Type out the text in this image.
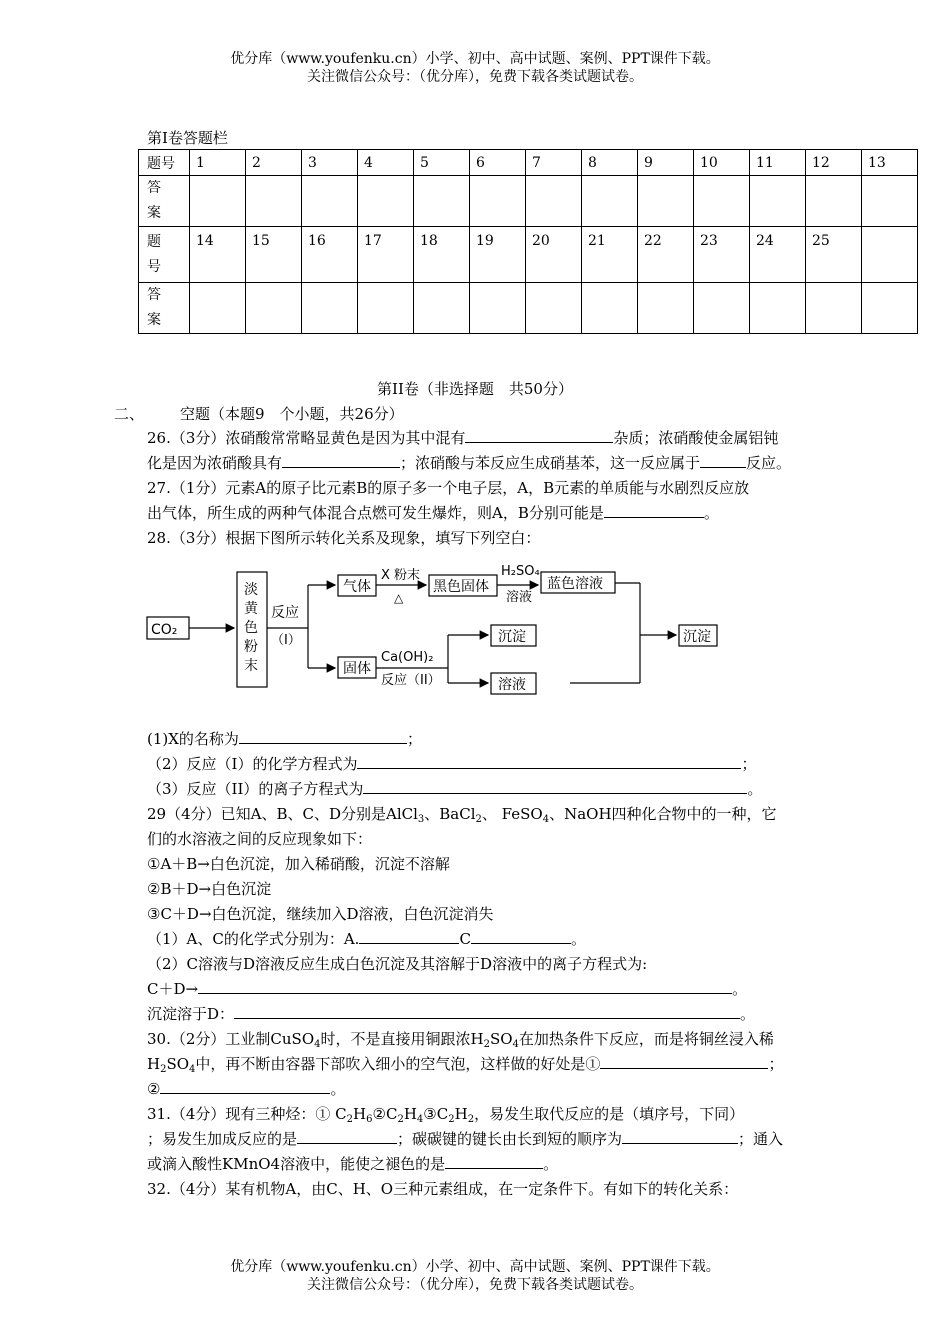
优分库（www.youfenku.cn）小学、初中、高中试题、案例、PPT课件下载。
关注微信公众号：（优分库），免费下载各类试题试卷。
第I卷答题栏
题号	1	2	3	4	5	6	7	8	9	10	11	12	13

答
案													

题
号	14	15	16	17	18	19	20	21	22	23	24	25	

答
案													

第II卷（非选择题　共50分）
二、 空题（本题9　个小题，共26分）
26.（3分）浓硝酸常常略显黄色是因为其中混有	杂质；浓硝酸使金属铝钝
化是因为浓硝酸具有	；浓硝酸与苯反应生成硝基苯，这一反应属于	反应。
27.（1分）元素A的原子比元素B的原子多一个电子层，A，B元素的单质能与水剧烈反应放
出气体，所生成的两种气体混合点燃可发生爆炸，则A，B分别可能是	。
28.（3分）根据下图所示转化关系及现象，填写下列空白：
CO₂
淡
黄
色
粉
末
反应
（I）
气体
X 粉末
△
黑色固体
H₂SO₄
溶液
蓝色溶液
沉淀
固体
Ca(OH)₂
反应（II）
沉淀
溶液
(1)X的名称为	；
（2）反应（I）的化学方程式为	；
（3）反应（II）的离子方程式为	。
29（4分）已知A、B、C、D分别是AlCl$_3$、BaCl$_2$、 FeSO$_4$、NaOH四种化合物中的一种，它
们的水溶液之间的反应现象如下：
①A＋B→白色沉淀，加入稀硝酸，沉淀不溶解
②B＋D→白色沉淀
③C＋D→白色沉淀，继续加入D溶液，白色沉淀消失
（1）A、C的化学式分别为：A.	C	。
（2）C溶液与D溶液反应生成白色沉淀及其溶解于D溶液中的离子方程式为:
C＋D→	。
沉淀溶于D：	。
30.（2分）工业制CuSO$_4$时，不是直接用铜跟浓$H_2SO_4$在加热条件下反应，而是将铜丝浸入稀
$H_2SO_4$中，再不断由容器下部吹入细小的空气泡，这样做的好处是①	；
②	。
31.（4分）现有三种烃：① $C_2H_6②C_2H_4③C_2H_2$，易发生取代反应的是（填序号，下同）
；易发生加成反应的是	；碳碳键的键长由长到短的顺序为	；通入
或滴入酸性KMnO4溶液中，能使之褪色的是	。
32.（4分）某有机物A，由C、H、O三种元素组成，在一定条件下。有如下的转化关系：
优分库（www.youfenku.cn）小学、初中、高中试题、案例、PPT课件下载。
关注微信公众号：（优分库），免费下载各类试题试卷。
